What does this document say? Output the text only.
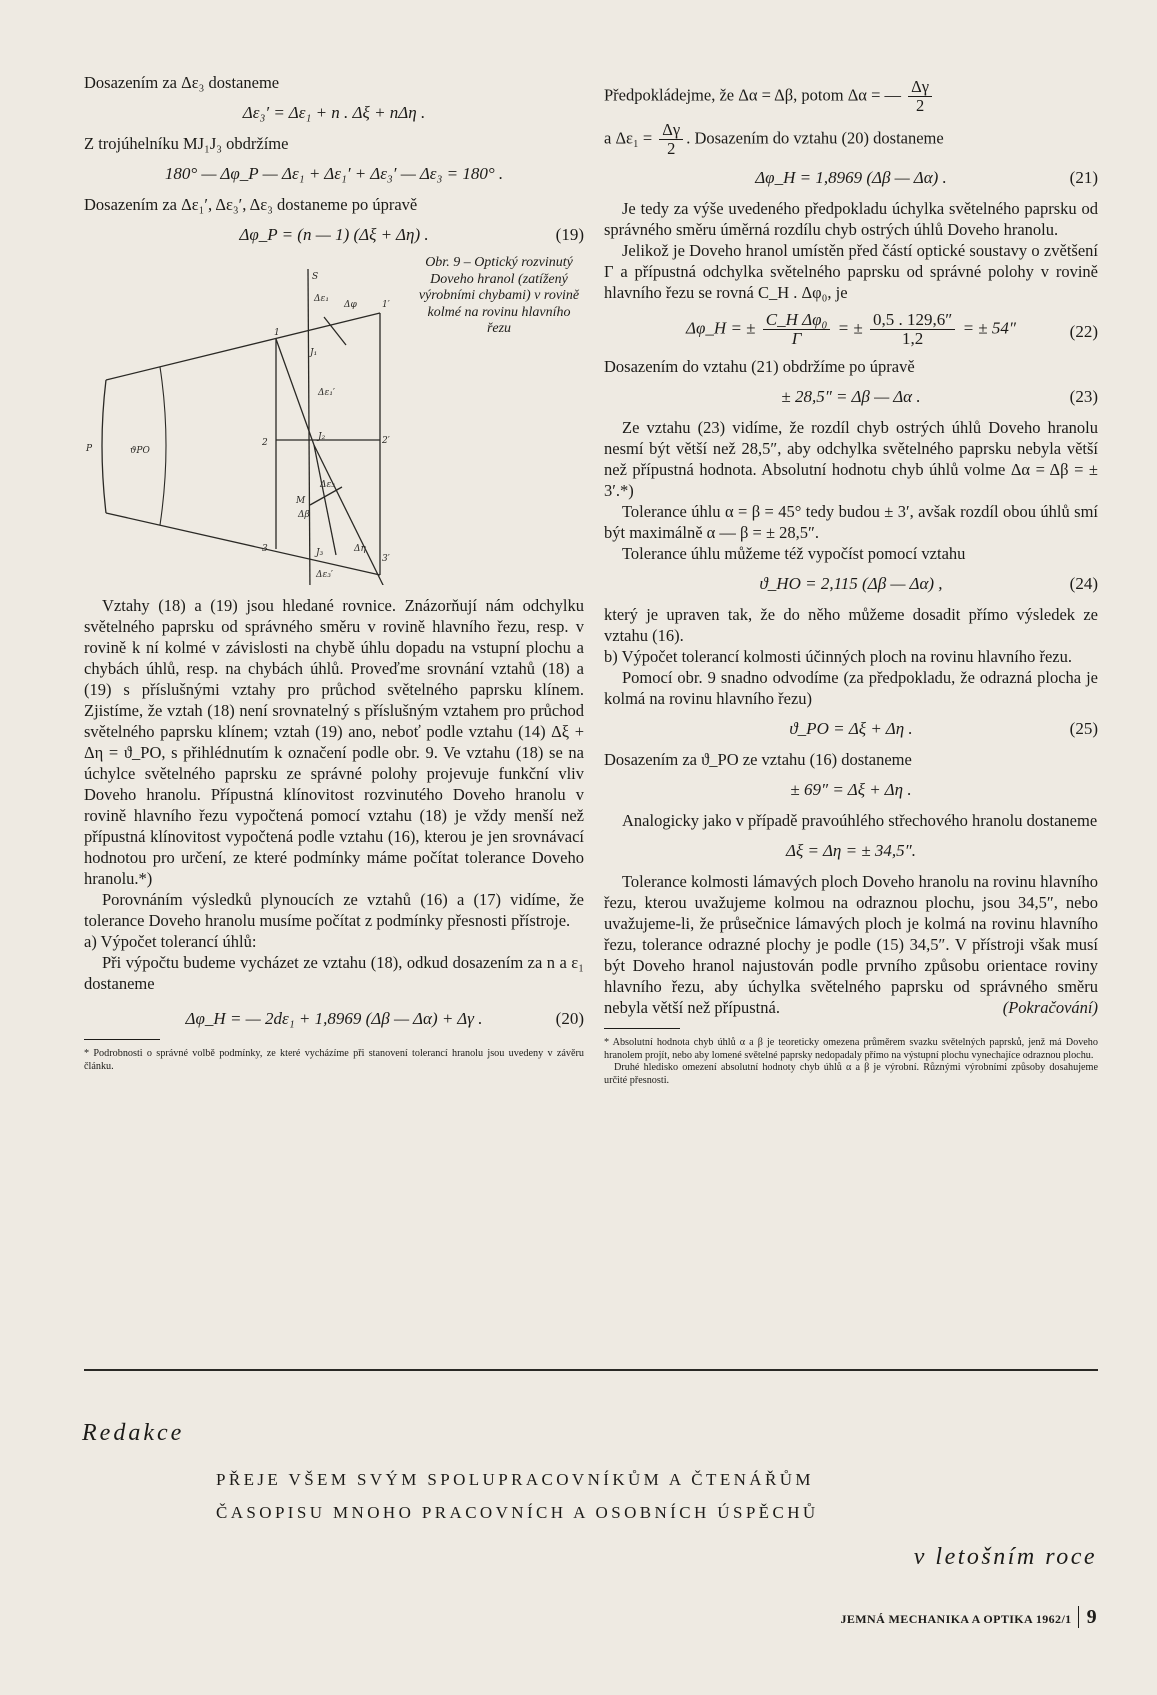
Dosazením za Δε₃ dostaneme

Δε₃′ = Δε₁ + n . Δξ + nΔη .

Z trojúhelníku MJ₁J₃ obdržíme

180° — Δφ_P — Δε₁ + Δε₁′ + Δε₃′ — Δε₃ = 180° .

Dosazením za Δε₁′, Δε₃′, Δε₃ dostaneme po úpravě

Δφ_P = (n — 1) (Δξ + Δη) .	(19)
S
Δε₁
Δφ	1′
1
J₁
Δε₁′
P	ϑPO
2
J₂	2′
M
Δβ
Δε₃
3	J₃
3′
Δη
Δε₃′
Obr. 9 – Optický rozvinutý Doveho hranol (zatížený výrobními chybami) v rovině kolmé na rovinu hlavního řezu

Vztahy (18) a (19) jsou hledané rovnice. Znázorňují nám odchylku světelného paprsku od správného směru v rovině hlavního řezu, resp. v rovině k ní kolmé v závislosti na chybě úhlu dopadu na vstupní plochu a chybách úhlů, resp. na chybách úhlů. Proveďme srovnání vztahů (18) a (19) s příslušnými vztahy pro průchod světelného paprsku klínem. Zjistíme, že vztah (18) není srovnatelný s příslušným vztahem pro průchod světelného paprsku klínem; vztah (19) ano, neboť podle vztahu (14) Δξ + Δη = ϑ_PO, s přihlédnutím k označení podle obr. 9. Ve vztahu (18) se na úchylce světelného paprsku ze správné polohy projevuje funkční vliv Doveho hranolu. Přípustná klínovitost rozvinutého Doveho hranolu v rovině hlavního řezu vypočtená pomocí vztahu (18) je vždy menší než přípustná klínovitost vypočtená podle vztahu (16), kterou je jen srovnávací hodnotou pro určení, ze které podmínky máme počítat tolerance Doveho hranolu.*)

Porovnáním výsledků plynoucích ze vztahů (16) a (17) vidíme, že tolerance Doveho hranolu musíme počítat z podmínky přesnosti přístroje.

a) Výpočet tolerancí úhlů:

Při výpočtu budeme vycházet ze vztahu (18), odkud dosazením za n a ε₁ dostaneme

Δφ_H = — 2dε₁ + 1,8969 (Δβ — Δα) + Δγ .	(20)

* Podrobnosti o správné volbě podmínky, ze které vycházíme při stanovení tolerancí hranolu jsou uvedeny v závěru článku.

Předpokládejme, že Δα = Δβ, potom Δα = — $\frac{\Delta\gamma}{2}$

a $\Delta\varepsilon_1 = \frac{\Delta\gamma}{2}$ . Dosazením do vztahu (20) dostaneme

Δφ_H = 1,8969 (Δβ — Δα) .	(21)

Je tedy za výše uvedeného předpokladu úchylka světelného paprsku od správného směru úměrná rozdílu chyb ostrých úhlů Doveho hranolu.

Jelikož je Doveho hranol umístěn před částí optické soustavy o zvětšení Γ a přípustná odchylka světelného paprsku od správné polohy v rovině hlavního řezu se rovná C_H . Δφ₀, je

Δφ_H = ± $\frac{\text{C\_H Δφ₀}}{\Gamma}$ = ± $\frac{0,5 . 129,6''}{1,2}$ = ± 54″	(22)

Dosazením do vztahu (21) obdržíme po úpravě

± 28,5″ = Δβ — Δα .	(23)

Ze vztahu (23) vidíme, že rozdíl chyb ostrých úhlů Doveho hranolu nesmí být větší než 28,5″, aby odchylka světelného paprsku nebyla větší než přípustná hodnota. Absolutní hodnotu chyb úhlů volme Δα = Δβ = ± 3′.*)

Tolerance úhlu α = β = 45° tedy budou ± 3′, avšak rozdíl obou úhlů smí být maximálně α — β = ± 28,5″.

Tolerance úhlu můžeme též vypočíst pomocí vztahu

ϑ_HO = 2,115 (Δβ — Δα) ,	(24)

který je upraven tak, že do něho můžeme dosadit přímo výsledek ze vztahu (16).

b) Výpočet tolerancí kolmosti účinných ploch na rovinu hlavního řezu.

Pomocí obr. 9 snadno odvodíme (za předpokladu, že odrazná plocha je kolmá na rovinu hlavního řezu)

ϑ_PO = Δξ + Δη .	(25)

Dosazením za ϑ_PO ze vztahu (16) dostaneme

± 69″ = Δξ + Δη .

Analogicky jako v případě pravoúhlého střechového hranolu dostaneme

Δξ = Δη = ± 34,5″.

Tolerance kolmosti lámavých ploch Doveho hranolu na rovinu hlavního řezu, kterou uvažujeme kolmou na odraznou plochu, jsou 34,5″, nebo uvažujeme-li, že průsečnice lámavých ploch je kolmá na rovinu hlavního řezu, tolerance odrazné plochy je podle (15) 34,5″. V přístroji však musí být Doveho hranol najustován podle prvního způsobu orientace roviny hlavního řezu, aby úchylka světelného paprsku od správného směru nebyla větší než přípustná.	(Pokračování)

* Absolutní hodnota chyb úhlů α a β je teoreticky omezena průměrem svazku světelných paprsků, jenž má Doveho hranolem projít, nebo aby lomené světelné paprsky nedopadaly přímo na výstupní plochu vynechajíce odraznou plochu.

Druhé hledisko omezení absolutní hodnoty chyb úhlů α a β je výrobní. Různými výrobními způsoby dosahujeme určité přesnosti.

Redakce
PŘEJE VŠEM SVÝM SPOLUPRACOVNÍKŮM A ČTENÁŘŮM
ČASOPISU MNOHO PRACOVNÍCH A OSOBNÍCH ÚSPĚCHŮ
v letošním roce
JEMNÁ MECHANIKA A OPTIKA 1962/1 9
